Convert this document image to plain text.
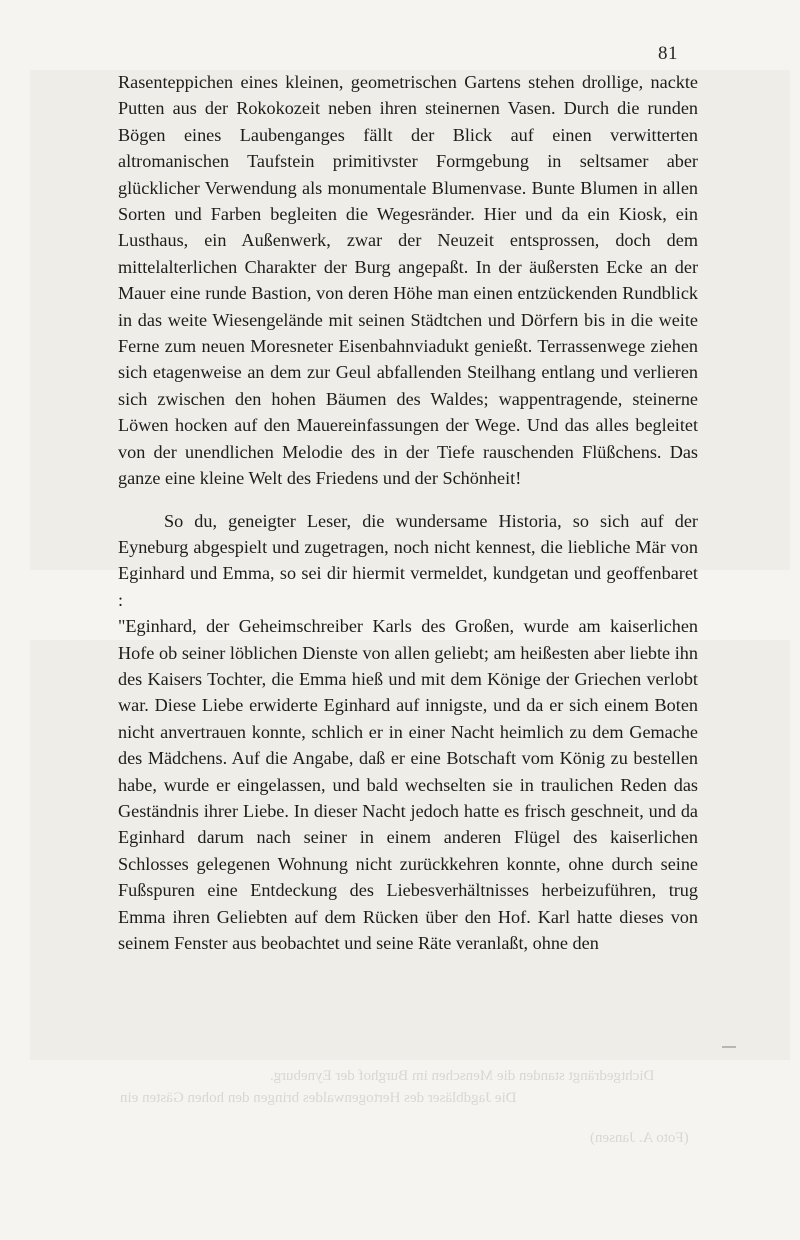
Dichtgedrängt standen die Menschen im Burghof der Eyneburg.
Die Jagdbläser des Hertogenwaldes bringen den hohen Gästen ein
(Foto A. Jansen)
81

Rasenteppichen eines kleinen, geometrischen Gartens stehen drollige, nackte Putten aus der Rokokozeit neben ihren steinernen Vasen. Durch die runden Bögen eines Laubenganges fällt der Blick auf einen verwitterten altromanischen Taufstein primitivster Formgebung in seltsamer aber glücklicher Verwendung als monumentale Blumenvase. Bunte Blumen in allen Sorten und Farben begleiten die Wegesränder. Hier und da ein Kiosk, ein Lusthaus, ein Außenwerk, zwar der Neuzeit entsprossen, doch dem mittelalterlichen Charakter der Burg angepaßt. In der äußersten Ecke an der Mauer eine runde Bastion, von deren Höhe man einen entzückenden Rundblick in das weite Wiesengelände mit seinen Städtchen und Dörfern bis in die weite Ferne zum neuen Moresneter Eisenbahnviadukt genießt. Terrassenwege ziehen sich etagenweise an dem zur Geul abfallenden Steilhang entlang und verlieren sich zwischen den hohen Bäumen des Waldes; wappentragende, steinerne Löwen hocken auf den Mauereinfassungen der Wege. Und das alles begleitet von der unendlichen Melodie des in der Tiefe rauschenden Flüßchens. Das ganze eine kleine Welt des Friedens und der Schönheit!

So du, geneigter Leser, die wundersame Historia, so sich auf der Eyneburg abgespielt und zugetragen, noch nicht kennest, die liebliche Mär von Eginhard und Emma, so sei dir hiermit vermeldet, kundgetan und geoffenbaret :

"Eginhard, der Geheimschreiber Karls des Großen, wurde am kaiserlichen Hofe ob seiner löblichen Dienste von allen geliebt; am heißesten aber liebte ihn des Kaisers Tochter, die Emma hieß und mit dem Könige der Griechen verlobt war. Diese Liebe erwiderte Eginhard auf innigste, und da er sich einem Boten nicht anvertrauen konnte, schlich er in einer Nacht heimlich zu dem Gemache des Mädchens. Auf die Angabe, daß er eine Botschaft vom König zu bestellen habe, wurde er eingelassen, und bald wechselten sie in traulichen Reden das Geständnis ihrer Liebe. In dieser Nacht jedoch hatte es frisch geschneit, und da Eginhard darum nach seiner in einem anderen Flügel des kaiserlichen Schlosses gelegenen Wohnung nicht zurückkehren konnte, ohne durch seine Fußspuren eine Entdeckung des Liebesverhältnisses herbeizuführen, trug Emma ihren Geliebten auf dem Rücken über den Hof. Karl hatte dieses von seinem Fenster aus beobachtet und seine Räte veranlaßt, ohne den
